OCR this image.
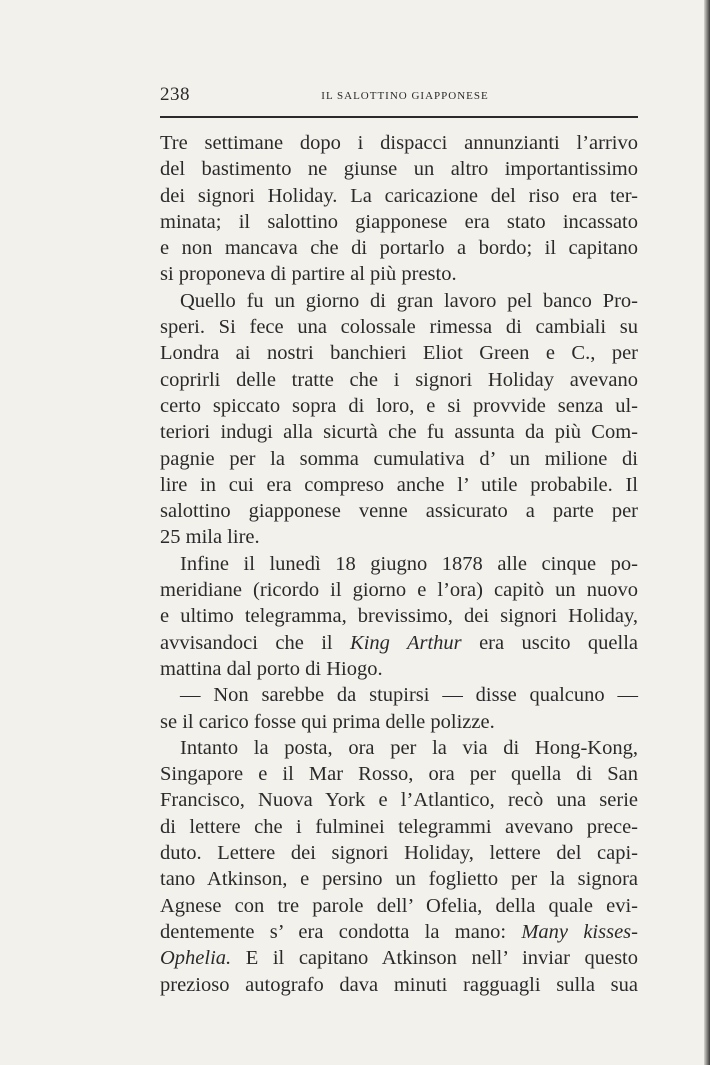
238	IL SALOTTINO GIAPPONESE
Tre settimane dopo i dispacci annunzianti l’arrivo
del bastimento ne giunse un altro importantissimo
dei signori Holiday. La caricazione del riso era ter-
minata; il salottino giapponese era stato incassato
e non mancava che di portarlo a bordo; il capitano
si proponeva di partire al più presto.
Quello fu un giorno di gran lavoro pel banco Pro-
speri. Si fece una colossale rimessa di cambiali su
Londra ai nostri banchieri Eliot Green e C., per
coprirli delle tratte che i signori Holiday avevano
certo spiccato sopra di loro, e si provvide senza ul-
teriori indugi alla sicurtà che fu assunta da più Com-
pagnie per la somma cumulativa d’ un milione di
lire in cui era compreso anche l’ utile probabile. Il
salottino giapponese venne assicurato a parte per
25 mila lire.
Infine il lunedì 18 giugno 1878 alle cinque po-
meridiane (ricordo il giorno e l’ora) capitò un nuovo
e ultimo telegramma, brevissimo, dei signori Holiday,
avvisandoci che il King Arthur era uscito quella
mattina dal porto di Hiogo.
— Non sarebbe da stupirsi — disse qualcuno —
se il carico fosse qui prima delle polizze.
Intanto la posta, ora per la via di Hong-Kong,
Singapore e il Mar Rosso, ora per quella di San
Francisco, Nuova York e l’Atlantico, recò una serie
di lettere che i fulminei telegrammi avevano prece-
duto. Lettere dei signori Holiday, lettere del capi-
tano Atkinson, e persino un foglietto per la signora
Agnese con tre parole dell’ Ofelia, della quale evi-
dentemente s’ era condotta la mano: Many kisses-
Ophelia. E il capitano Atkinson nell’ inviar questo
prezioso autografo dava minuti ragguagli sulla sua
